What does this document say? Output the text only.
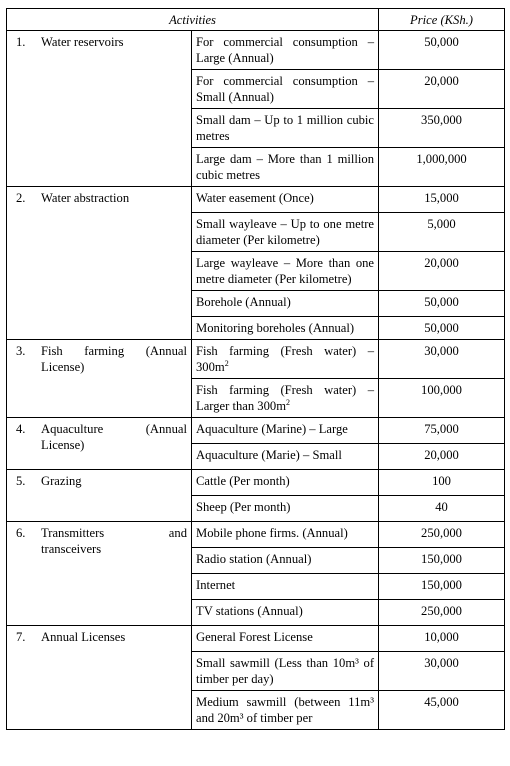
Activities		Price (KSh.)

1. Water reservoirs	For commercial consumption – Large (Annual)	50,000
	For commercial consumption – Small (Annual)	20,000
	Small dam – Up to 1 million cubic metres	350,000
	Large dam – More than 1 million cubic metres	1,000,000

2. Water abstraction	Water easement (Once)	15,000
	Small wayleave – Up to one metre diameter (Per kilometre)	5,000
	Large wayleave – More than one metre diameter (Per kilometre)	20,000
	Borehole (Annual)	50,000
	Monitoring boreholes (Annual)	50,000

3. Fish farming (Annual
License)	Fish farming (Fresh water) – $300m^2$	30,000
	Fish farming (Fresh water) – Larger than $300m^2$	100,000

4. Aquaculture (Annual
License)	Aquaculture (Marine) – Large	75,000
	Aquaculture (Marie) – Small	20,000

5. Grazing	Cattle (Per month)	100
	Sheep (Per month)	40

6. Transmitters and
transceivers	Mobile phone firms. (Annual)	250,000
	Radio station (Annual)	150,000
	Internet	150,000
	TV stations (Annual)	250,000

7. Annual Licenses	General Forest License	10,000
	Small sawmill (Less than 10m³ of timber per day)	30,000
	Medium sawmill (between 11m³ and 20m³ of timber per	45,000
